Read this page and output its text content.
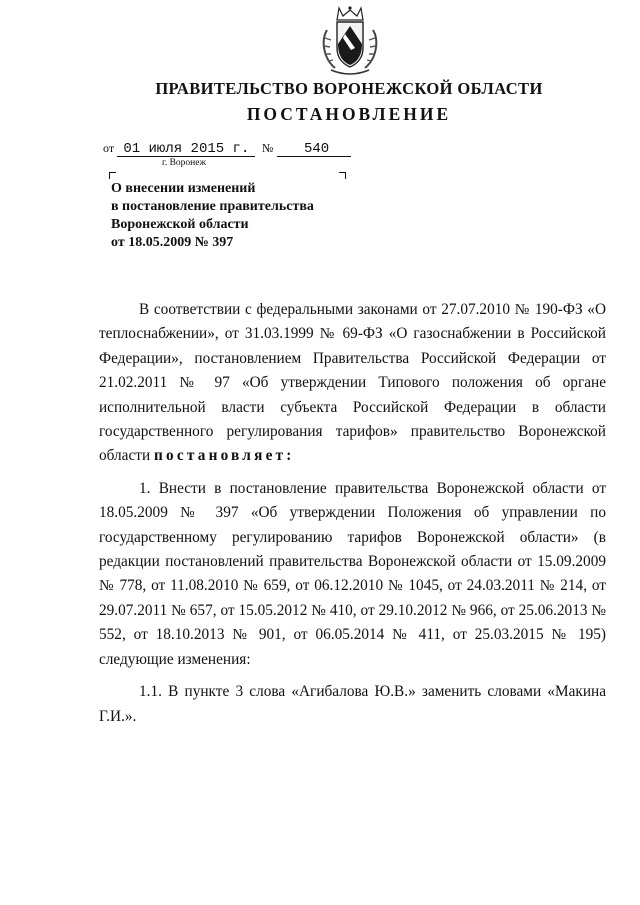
ПРАВИТЕЛЬСТВО ВОРОНЕЖСКОЙ ОБЛАСТИ
ПОСТАНОВЛЕНИЕ
от 01 июля 2015 г. № 540
г. Воронеж
О внесении изменений
в постановление правительства
Воронежской области
от 18.05.2009 № 397

В соответствии с федеральными законами от 27.07.2010 № 190-ФЗ «О теплоснабжении», от 31.03.1999 № 69-ФЗ «О газоснабжении в Российской Федерации», постановлением Правительства Российской Федерации от 21.02.2011 № 97 «Об утверждении Типового положения об органе исполнительной власти субъекта Российской Федерации в области государственного регулирования тарифов» правительство Воронежской области постановляет:

1. Внести в постановление правительства Воронежской области от 18.05.2009 № 397 «Об утверждении Положения об управлении по государственному регулированию тарифов Воронежской области» (в редакции постановлений правительства Воронежской области от 15.09.2009 № 778, от 11.08.2010 № 659, от 06.12.2010 № 1045, от 24.03.2011 № 214, от 29.07.2011 № 657, от 15.05.2012 № 410, от 29.10.2012 № 966, от 25.06.2013 № 552, от 18.10.2013 № 901, от 06.05.2014 № 411, от 25.03.2015 № 195) следующие изменения:

1.1. В пункте 3 слова «Агибалова Ю.В.» заменить словами «Макина Г.И.».
